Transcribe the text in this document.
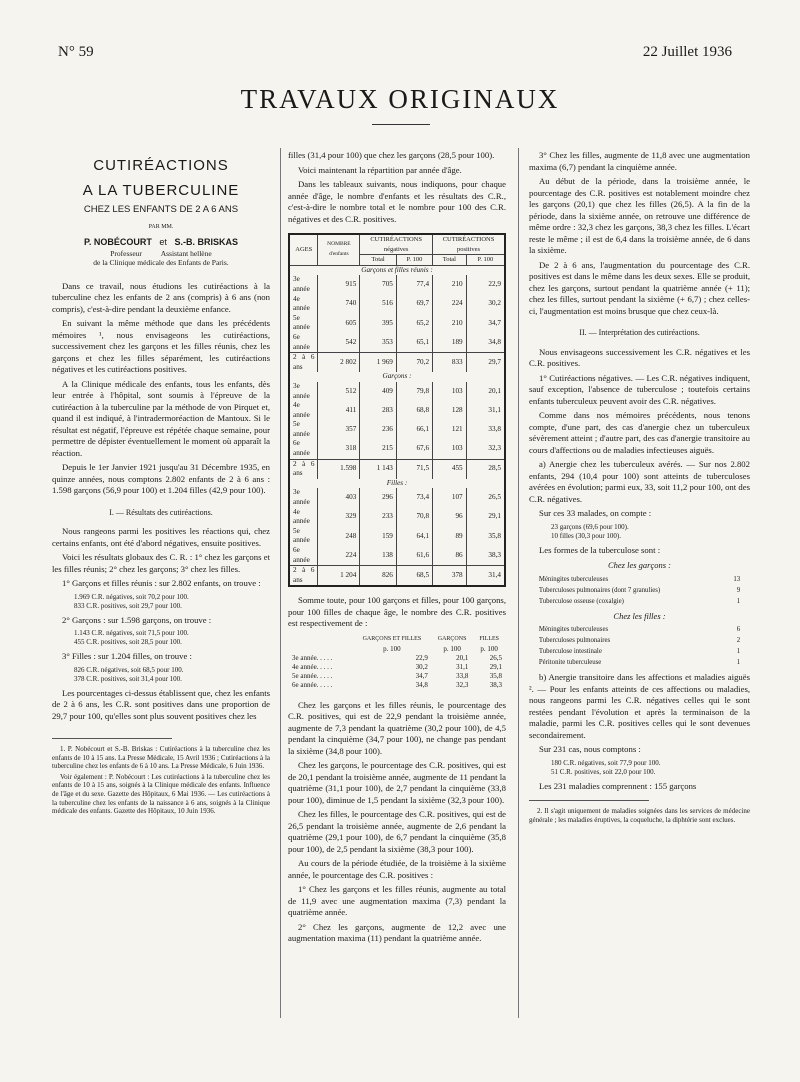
N° 59	22 Juillet 1936
TRAVAUX ORIGINAUX
CUTIRÉACTIONS
A LA TUBERCULINE
CHEZ LES ENFANTS DE 2 A 6 ANS
PAR MM.
P. NOBÉCOURT et S.-B. BRISKAS
Professeur	Assistant hellène
de la Clinique médicale des Enfants de Paris.

Dans ce travail, nous étudions les cutiréactions à la tuberculine chez les enfants de 2 ans (compris) à 6 ans (non compris), c'est-à-dire pendant la deuxième enfance.

En suivant la même méthode que dans les précédents mémoires ¹, nous envisageons les cutiréactions, successivement chez les garçons et les filles réunis, chez les garçons et chez les filles séparément, les cutiréactions négatives et les cutiréactions positives.

A la Clinique médicale des enfants, tous les enfants, dès leur entrée à l'hôpital, sont soumis à l'épreuve de la cutiréaction à la tuberculine par la méthode de von Pirquet et, quand il est indiqué, à l'intradermoréaction de Mantoux. Si le résultat est négatif, l'épreuve est répétée chaque semaine, pour permettre de dépister éventuellement le moment où apparaît la réaction.

Depuis le 1er Janvier 1921 jusqu'au 31 Décembre 1935, en quinze années, nous comptons 2.802 enfants de 2 à 6 ans : 1.598 garçons (56,9 pour 100) et 1.204 filles (42,9 pour 100).

I. — Résultats des cutiréactions.

Nous rangeons parmi les positives les réactions qui, chez certains enfants, ont été d'abord négatives, ensuite positives.

Voici les résultats globaux des C. R. : 1° chez les garçons et les filles réunis; 2° chez les garçons; 3° chez les filles.

1° Garçons et filles réunis : sur 2.802 enfants, on trouve :

1.969 C.R. négatives, soit 70,2 pour 100.
833 C.R. positives, soit 29,7 pour 100.

2° Garçons : sur 1.598 garçons, on trouve :

1.143 C.R. négatives, soit 71,5 pour 100.
455 C.R. positives, soit 28,5 pour 100.

3° Filles : sur 1.204 filles, on trouve :

826 C.R. négatives, soit 68,5 pour 100.
378 C.R. positives, soit 31,4 pour 100.

Les pourcentages ci-dessus établissent que, chez les enfants de 2 à 6 ans, les C.R. sont positives dans une proportion de 29,7 pour 100, qu'elles sont plus souvent positives chez les

1. P. Nobécourt et S.-B. Briskas : Cutiréactions à la tuberculine chez les enfants de 10 à 15 ans. La Presse Médicale, 15 Avril 1936 ; Cutiréactions à la tuberculine chez les enfants de 6 à 10 ans. La Presse Médicale, 6 Juin 1936.

Voir également : P. Nobécourt : Les cutiréactions à la tuberculine chez les enfants de 10 à 15 ans, soignés à la Clinique médicale des enfants. Influence de l'âge et du sexe. Gazette des Hôpitaux, 6 Mai 1936. — Les cutiréactions à la tuberculine chez les enfants de la naissance à 6 ans, soignés à la Clinique médicale des enfants. Gazette des Hôpitaux, 10 Juin 1936.

filles (31,4 pour 100) que chez les garçons (28,5 pour 100).

Voici maintenant la répartition par année d'âge.

Dans les tableaux suivants, nous indiquons, pour chaque année d'âge, le nombre d'enfants et les résultats des C.R., c'est-à-dire le nombre total et le nombre pour 100 des C.R. négatives et des C.R. positives.

AGES	NOMBRE d'enfants	CUTIRÉACTIONS négatives		CUTIRÉACTIONS positives	
		Total	P. 100	Total	P. 100
Garçons et filles réunis :					
3e année	915	705	77,4	210	22,9
4e année	740	516	69,7	224	30,2
5e année	605	395	65,2	210	34,7
6e année	542	353	65,1	189	34,8
2 à 6 ans	2 802	1 969	70,2	833	29,7
Garçons :					
3e année	512	409	79,8	103	20,1
4e année	411	283	68,8	128	31,1
5e année	357	236	66,1	121	33,8
6e année	318	215	67,6	103	32,3
2 à 6 ans	1.598	1 143	71,5	455	28,5
Filles :					
3e année	403	296	73,4	107	26,5
4e année	329	233	70,8	96	29,1
5e année	248	159	64,1	89	35,8
6e année	224	138	61,6	86	38,3
2 à 6 ans	1 204	826	68,5	378	31,4

Somme toute, pour 100 garçons et filles, pour 100 garçons, pour 100 filles de chaque âge, le nombre des C.R. positives est respectivement de :

	GARÇONS ET FILLES	GARÇONS	FILLES
	p. 100	p. 100	p. 100
3e année. . . . .	22,9	20,1	26,5
4e année. . . . .	30,2	31,1	29,1
5e année. . . . .	34,7	33,8	35,8
6e année. . . . .	34,8	32,3	38,3

Chez les garçons et les filles réunis, le pourcentage des C.R. positives, qui est de 22,9 pendant la troisième année, augmente de 7,3 pendant la quatrième (30,2 pour 100), de 4,5 pendant la cinquième (34,7 pour 100), ne change pas pendant la sixième (34,8 pour 100).

Chez les garçons, le pourcentage des C.R. positives, qui est de 20,1 pendant la troisième année, augmente de 11 pendant la quatrième (31,1 pour 100), de 2,7 pendant la cinquième (33,8 pour 100), diminue de 1,5 pendant la sixième (32,3 pour 100).

Chez les filles, le pourcentage des C.R. positives, qui est de 26,5 pendant la troisième année, augmente de 2,6 pendant la quatrième (29,1 pour 100), de 6,7 pendant la cinquième (35,8 pour 100), de 2,5 pendant la sixième (38,3 pour 100).

Au cours de la période étudiée, de la troisième à la sixième année, le pourcentage des C.R. positives :

1° Chez les garçons et les filles réunis, augmente au total de 11,9 avec une augmentation maxima (7,3) pendant la quatrième année.

2° Chez les garçons, augmente de 12,2 avec une augmentation maxima (11) pendant la quatrième année.

3° Chez les filles, augmente de 11,8 avec une augmentation maxima (6,7) pendant la cinquième année.

Au début de la période, dans la troisième année, le pourcentage des C.R. positives est notablement moindre chez les garçons (20,1) que chez les filles (26,5). A la fin de la période, dans la sixième année, on retrouve une différence de même ordre : 32,3 chez les garçons, 38,3 chez les filles. L'écart reste le même ; il est de 6,4 dans la troisième année, de 6 dans la sixième.

De 2 à 6 ans, l'augmentation du pourcentage des C.R. positives est dans le même dans les deux sexes. Elle se produit, chez les garçons, surtout pendant la quatrième année (+ 11); chez les filles, surtout pendant la sixième (+ 6,7) ; chez celles-ci, l'augmentation est moins brusque que chez ceux-là.

II. — Interprétation des cutiréactions.

Nous envisageons successivement les C.R. négatives et les C.R. positives.

1° Cutiréactions négatives. — Les C.R. négatives indiquent, sauf exception, l'absence de tuberculose ; toutefois certains enfants tuberculeux peuvent avoir des C.R. négatives.

Comme dans nos mémoires précédents, nous tenons compte, d'une part, des cas d'anergie chez un tuberculeux sévèrement atteint ; d'autre part, des cas d'anergie transitoire au cours d'affections ou de maladies infectieuses aiguës.

a) Anergie chez les tuberculeux avérés. — Sur nos 2.802 enfants, 294 (10,4 pour 100) sont atteints de tuberculoses avérées en évolution; parmi eux, 33, soit 11,2 pour 100, ont des C.R. négatives.

Sur ces 33 malades, on compte :

23 garçons (69,6 pour 100).
10 filles (30,3 pour 100).

Les formes de la tuberculose sont :

Chez les garçons :
Méningites tuberculeuses	13
Tuberculoses pulmonaires (dont 7 granulies)	9
Tuberculose osseuse (coxalgie)	1
Chez les filles :
Méningites tuberculeuses	6
Tuberculoses pulmonaires	2
Tuberculose intestinale	1
Péritonite tuberculeuse	1

b) Anergie transitoire dans les affections et maladies aiguës ². — Pour les enfants atteints de ces affections ou maladies, nous rangeons parmi les C.R. négatives celles qui le sont restées pendant l'évolution et après la terminaison de la maladie, parmi les C.R. positives celles qui le sont devenues secondairement.

Sur 231 cas, nous comptons :

180 C.R. négatives, soit 77,9 pour 100.
51 C.R. positives, soit 22,0 pour 100.

Les 231 maladies comprennent : 155 garçons

2. Il s'agit uniquement de maladies soignées dans les services de médecine générale ; les maladies éruptives, la coqueluche, la diphtérie sont exclues.
